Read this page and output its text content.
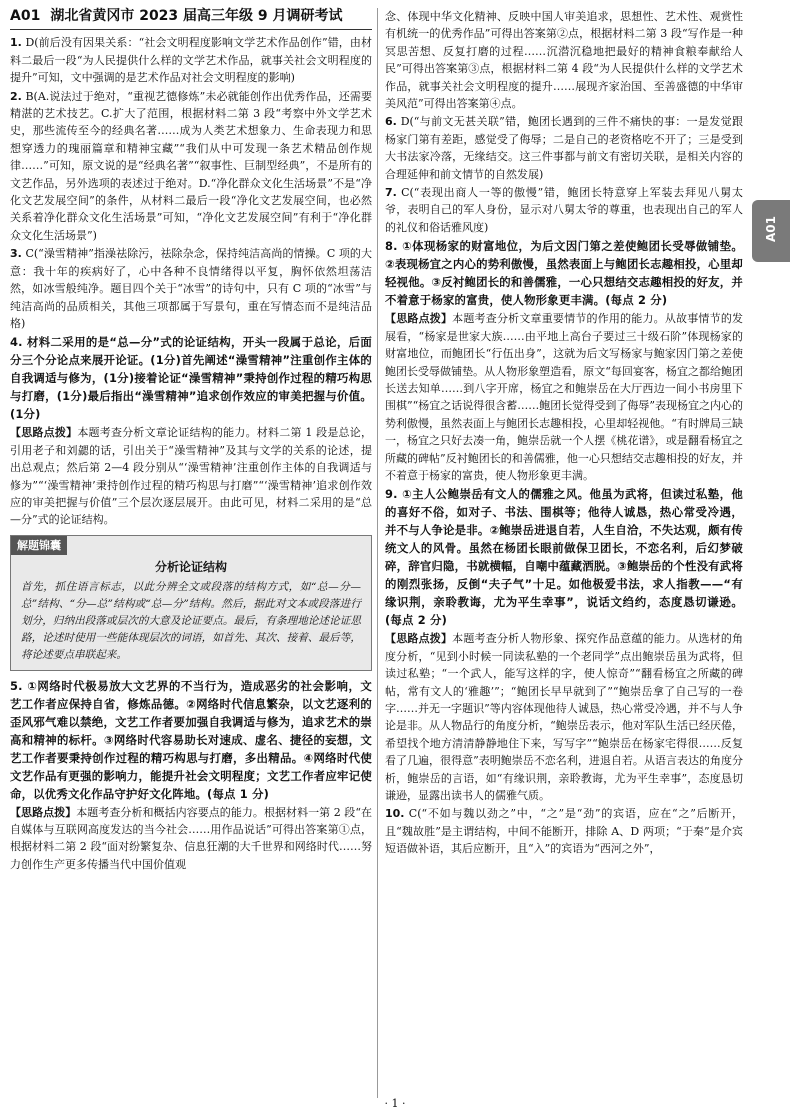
A01 湖北省黄冈市 2023 届高三年级 9 月调研考试

1. D(前后没有因果关系：“社会文明程度影响文学艺术作品创作”错，由材料二最后一段“为人民提供什么样的文学艺术作品，就事关社会文明程度的提升”可知，文中强调的是艺术作品对社会文明程度的影响)

2. B(A.说法过于绝对，“重视艺德修炼”未必就能创作出优秀作品，还需要精湛的艺术技艺。C.扩大了范围，根据材料二第 3 段“考察中外文学艺术史，那些流传至今的经典名著……成为人类艺术想象力、生命表现力和思想穿透力的瑰丽篇章和精神宝藏”“我们从中可发现一条艺术精品创作规律……”可知，原文说的是“经典名著”“叙事性、巨制型经典”，不是所有的文艺作品，另外选项的表述过于绝对。D.“净化群众文化生活场景”不是“净化文艺发展空间”的条件，从材料二最后一段“净化文艺发展空间，也必然关系着净化群众文化生活场景”可知，“净化文艺发展空间”有利于“净化群众文化生活场景”)

3. C(“澡雪精神”指澡祛除污，祛除杂念，保持纯洁高尚的情操。C 项的大意：我十年的疾病好了，心中各种不良情绪得以平复，胸怀依然坦荡洁然，如冰雪般纯净。题目四个关于“冰雪”的诗句中，只有 C 项的“冰雪”与纯洁高尚的品质相关，其他三项都属于写景句，重在写情态而不是纯洁品格)

4. 材料二采用的是“总—分”式的论证结构，开头一段属于总论，后面分三个分论点来展开论证。(1分)首先阐述“澡雪精神”注重创作主体的自我调适与修为，(1分)接着论证“澡雪精神”秉持创作过程的精巧构思与打磨，(1分)最后指出“澡雪精神”追求创作效应的审美把握与价值。(1分)

【思路点拨】本题考查分析文章论证结构的能力。材料二第 1 段是总论，引用老子和刘勰的话，引出关于“澡雪精神”及其与文学的关系的论述，提出总观点；然后第 2—4 段分别从“‘澡雪精神’注重创作主体的自我调适与修为”“‘澡雪精神’秉持创作过程的精巧构思与打磨”“‘澡雪精神’追求创作效应的审美把握与价值”三个层次逐层展开。由此可见，材料二采用的是“总—分”式的论证结构。

解题锦囊
分析论证结构
首先，抓住语言标志，以此分辨全文或段落的结构方式，如“总—分—总”结构、“分—总”结构或“总—分”结构。然后，据此对文本或段落进行划分，归纳出段落或层次的大意及论证要点。最后，有条理地论述论证思路，论述时使用一些能体现层次的词语，如首先、其次、接着、最后等，将论述要点串联起来。

5. ①网络时代极易放大文艺界的不当行为，造成恶劣的社会影响，文艺工作者应保持自省，修炼品德。②网络时代信息繁杂，以文艺逐利的歪风邪气难以禁绝，文艺工作者要加强自我调适与修为，追求艺术的崇高和精神的标杆。③网络时代容易助长对速成、虚名、捷径的妄想，文艺工作者要秉持创作过程的精巧构思与打磨，多出精品。④网络时代使文艺作品有更强的影响力，能提升社会文明程度；文艺工作者应牢记使命，以优秀文化作品守护好文化阵地。(每点 1 分)

【思路点拨】本题考查分析和概括内容要点的能力。根据材料一第 2 段“在自媒体与互联网高度发达的当今社会……用作品说话”可得出答案第①点，根据材料二第 2 段“面对纷繁复杂、信息狂潮的大千世界和网络时代……努力创作生产更多传播当代中国价值观

念、体现中华文化精神、反映中国人审美追求，思想性、艺术性、观赏性有机统一的优秀作品”可得出答案第②点，根据材料二第 3 段“写作是一种冥思苦想、反复打磨的过程……沉潜沉稳地把最好的精神食粮奉献给人民”可得出答案第③点，根据材料二第 4 段“为人民提供什么样的文学艺术作品，就事关社会文明程度的提升……展现齐家治国、至善盛德的中华审美风范”可得出答案第④点。

6. D(“与前文无甚关联”错，鲍团长遇到的三件不痛快的事：一是发觉跟杨家门第有差距，感觉受了侮辱；二是自己的老资格吃不开了；三是受到大书法家冷落，无缘结交。这三件事都与前文有密切关联，是相关内容的合理延伸和前文情节的自然发展)

7. C(“表现出商人一等的傲慢”错，鲍团长特意穿上军装去拜见八舅太爷，表明自己的军人身份，显示对八舅太爷的尊重，也表现出自己的军人的礼仪和俗话雅风度)

8. ①体现杨家的财富地位，为后文因门第之差使鲍团长受辱做铺垫。②表现杨宜之内心的势利傲慢，虽然表面上与鲍团长志趣相投，心里却轻视他。③反衬鲍团长的和善儒雅，一心只想结交志趣相投的好友，并不着意于杨家的富贵，使人物形象更丰满。(每点 2 分)

【思路点拨】本题考查分析文章重要情节的作用的能力。从故事情节的发展看，“杨家是世家大族……由平地上高台子要过三十级石阶”体现杨家的财富地位，而鲍团长“行伍出身”，这就为后文写杨家与鲍家因门第之差使鲍团长受辱做铺垫。从人物形象塑造看，原文“每回宴客，杨宜之都给鲍团长送去知单……到八字开席，杨宜之和鲍崇岳在大厅西边一间小书房里下围棋”“杨宜之话说得很含蓄……鲍团长觉得受到了侮辱”表现杨宜之内心的势利傲慢，虽然表面上与鲍团长志趣相投，心里却轻视他。“有时牌局三缺一，杨宜之只好去凑一角，鲍崇岳就一个人摆《桃花谱》，或是翻看杨宜之所藏的碑帖”反衬鲍团长的和善儒雅，他一心只想结交志趣相投的好友，并不着意于杨家的富贵，使人物形象更丰满。

9. ①主人公鲍崇岳有文人的儒雅之风。他虽为武将，但读过私塾，他的喜好不俗，如对子、书法、围棋等；他待人诚恳，热心常受冷遇，并不与人争论是非。②鲍崇岳进退自若，人生自洽，不失达观，颇有传统文人的风骨。虽然在杨团长眼前做保卫团长，不恋名利，后幻梦破碎，辞官归隐，书就横幅，自嘲中蕴藏洒脱。③鲍崇岳的个性没有武将的刚烈张扬，反倒“夫子气”十足。如他极爱书法，求人指教——“有缘识荆，亲聆教诲，尤为平生幸事”，说话文绉约，态度恳切谦逊。(每点 2 分)

【思路点拨】本题考查分析人物形象、探究作品意蕴的能力。从选材的角度分析，“见到小时候一同读私塾的一个老同学”点出鲍崇岳虽为武将，但读过私塾；“一个武人，能写这样的字，使人惊奇”“翻看杨宜之所藏的碑帖，常有文人的‘雅趣’”；“鲍团长早早就到了”“鲍崇岳拿了自己写的一卷字……并无一字题识”等内容体现他待人诚恳，热心常受冷遇，并不与人争论是非。从人物品行的角度分析，“鲍崇岳表示，他对军队生活已经厌倦，希望找个地方清清静静地住下来，写写字”“鲍崇岳在杨家宅得很……反复看了几遍，很得意”表明鲍崇岳不恋名利，进退自若。从语言表达的角度分析，鲍崇岳的言语，如“有缘识荆，亲聆教诲，尤为平生幸事”，态度恳切谦逊，显露出读书人的儒雅气质。

10. C(“不如与魏以劲之”中，“之”是“劲”的宾语，应在“之”后断开，且“魏故胜”是主谓结构，中间不能断开，排除 A、D 两项；“于秦”是介宾短语做补语，其后应断开，且“入”的宾语为“西河之外”，

A01
· 1 ·
